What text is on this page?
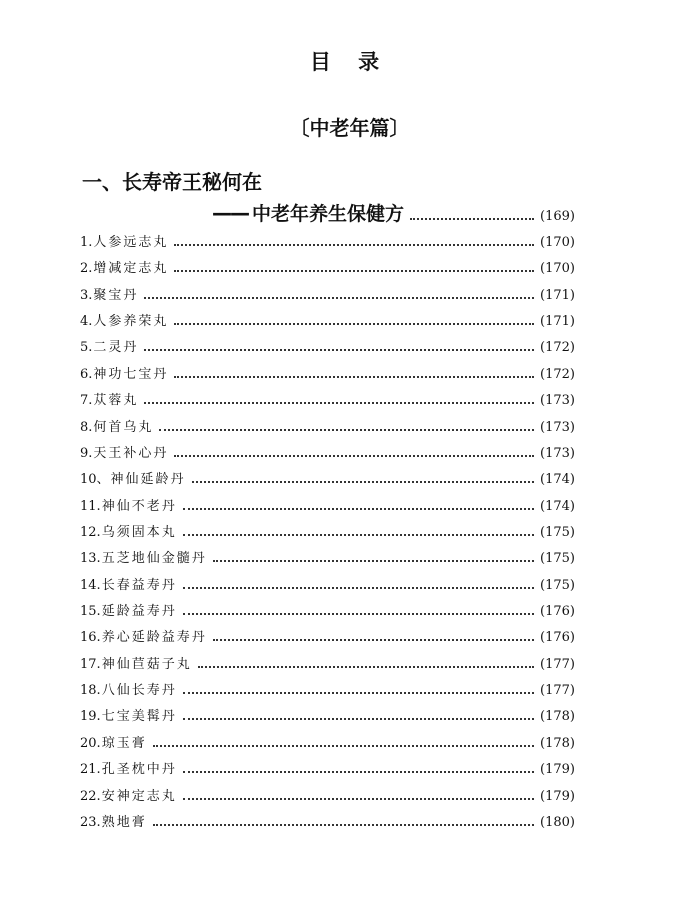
目 录
〔中老年篇〕
一、长寿帝王秘何在
—— 中老年养生保健方	(169)
1. 人参远志丸	(170)
2. 增减定志丸	(170)
3. 聚宝丹	(171)
4. 人参养荣丸	(171)
5. 二灵丹	(172)
6. 神功七宝丹	(172)
7. 苁蓉丸	(173)
8. 何首乌丸	(173)
9. 天王补心丹	(173)
10、 神仙延龄丹	(174)
11. 神仙不老丹	(174)
12. 乌须固本丸	(175)
13. 五芝地仙金髓丹	(175)
14. 长春益寿丹	(175)
15. 延龄益寿丹	(176)
16. 养心延龄益寿丹	(176)
17. 神仙苣菇子丸	(177)
18. 八仙长寿丹	(177)
19. 七宝美髯丹	(178)
20. 琼玉膏	(178)
21. 孔圣枕中丹	(179)
22. 安神定志丸	(179)
23. 熟地膏	(180)
